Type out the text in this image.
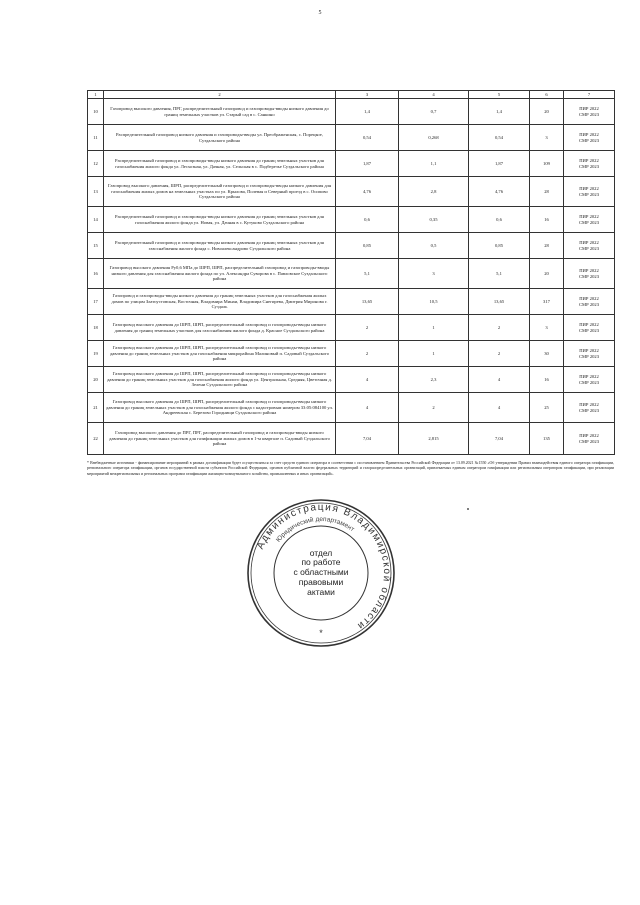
5
1	2	3	4	5	6	7
10	Газопровод высокого давления, ПРГ, распределительный газопровод и газопроводы-вводы низкого давления до границ земельных участков ул. Старый сад в с. Санкино	1,4	0,7	1,4	20	ПИР 2022
СМР 2023

11	Распределительный газопровод низкого давления и газопроводы-вводы ул. Преображенская, с. Порецкое, Суздальского района	0,54	0,268	0,54	3	ПИР 2022
СМР 2023

12	Распределительный газопровод и газопроводы-вводы низкого давления до границ земельных участков для газоснабжения жилого фонда ул. Лесхозная, ул. Дачная, ул. Сельская в с. Подберезье Суздальского района	1,87	1,1	1,87	109	ПИР 2022
СМР 2023

13	Газопровод высокого давления, ШРП, распределительный газопровод и газопроводы-вводы низкого давления для газоснабжения жилых домов на земельных участках по ул. Крылова, Полевая и Северный проезд в с. Осипово Суздальского района	4,76	2,8	4,76	28	ПИР 2022
СМР 2023

14	Распределительный газопровод и газопроводы-вводы низкого давления до границ земельных участков для газоснабжения жилого фонда ул. Новая, ул. Дачная в с. Кутуково Суздальского района	0,6	0,35	0,6	16	ПИР 2022
СМР 2023

15	Распределительный газопровод и газопроводы-вводы низкого давления до границ земельных участков для газоснабжения жилого фонда с. Новоалександрово Суздальского района	0,85	0,5	0,85	28	ПИР 2022
СМР 2023

16	Газопровод высокого давления Ру0,6 МПа до ШРП, ШРП, распределительный газопровод и газопроводы-вводы низкого давления для газоснабжения жилого фонда по ул. Александра Суворова в с. Павловское Суздальского района	5,1	3	5,1	20	ПИР 2022
СМР 2023

17	Газопровод и газопроводы-вводы низкого давления до границ земельных участков для газоснабжения жилых домов по улицам Златоустовская, Восточная, Владимира Минаи, Владимира Снегирева, Дмитрия Миронова г. Суздаль	13,65	10,5	13,65	317	ПИР 2022
СМР 2023

18	Газопровод высокого давления до ШРП, ШРП, распределительный газопровод и газопроводы-вводы низкого давления до границ земельных участков для газоснабжения жилого фонда д. Красное Суздальского района	2	1	2	3	ПИР 2022
СМР 2023

19	Газопровод высокого давления до ШРП, ШРП, распределительный газопровод и газопроводы-вводы низкого давления до границ земельных участков для газоснабжения микрорайона Малиновый п. Садовый Суздальского района	2	1	2	30	ПИР 2022
СМР 2023

20	Газопровод высокого давления до ШРП, ШРП, распределительный газопровод и газопроводы-вводы низкого давления до границ земельных участков для газоснабжения жилого фонда ул. Центральная, Средняя, Цветочная д. Зелени Суздальского района	4	2,3	4	16	ПИР 2022
СМР 2023

21	Газопровод высокого давления до ШРП, ШРП, распределительный газопровод и газопроводы-вводы низкого давления до границ земельных участков для газоснабжения жилого фонда с кадастровым номером 33:05:084100 ул. Андреевская с. Березово Городнищи Суздальского района	4	2	4	25	ПИР 2022
СМР 2023

22	Газопровод высокого давления до ПРГ, ПРГ, распределительный газопровод и газопроводы-вводы низкого давления до границ земельных участков для газификации жилых домов в 1-м квартале п. Садовый Суздальского района	7,04	2,815	7,04	135	ПИР 2022
СМР 2023
* Внебюджетные источники - финансирование мероприятий в рамках догазификации будет осуществляться за счет средств единого оператора в соответствии с постановлением Правительства Российской Федерации от 13.09.2021 №1550 «Об утверждении Правил взаимодействия единого оператора газификации, регионального оператора газификации, органов государственной власти субъектов Российской Федерации, органов публичной власти федеральных территорий и газораспределительных организаций, привлекаемых единым оператором газификации или региональным оператором газификации, при реализации мероприятий межрегиональных и региональных программ газификации жилищно-коммунального хозяйства, промышленных и иных организаций».
Администрация Владимирской области
Юридический департамент
*
отдел
по работе
с областными
правовыми
актами
